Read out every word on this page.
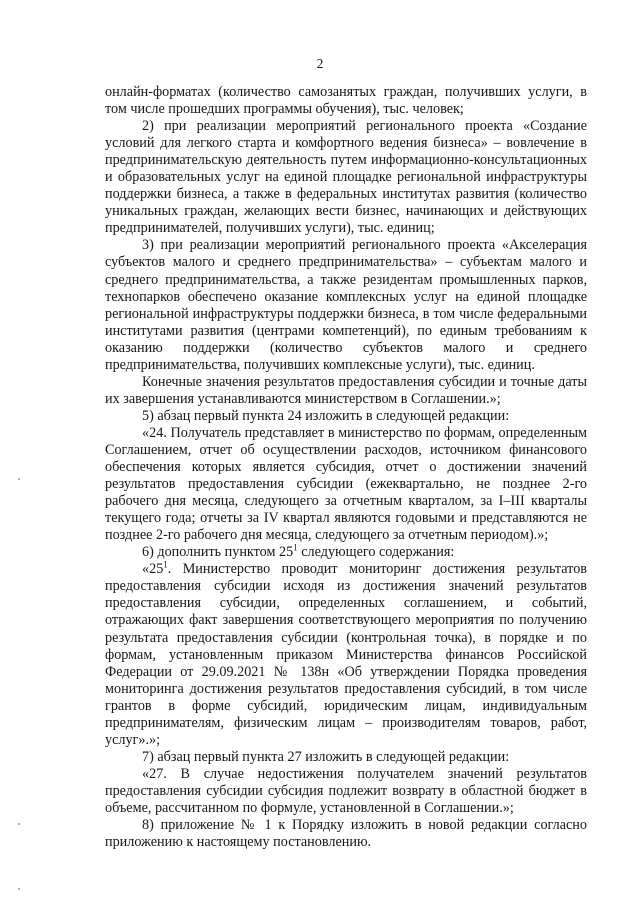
2

онлайн-форматах (количество самозанятых граждан, получивших услуги, в том числе прошедших программы обучения), тыс. человек;

2) при реализации мероприятий регионального проекта «Создание условий для легкого старта и комфортного ведения бизнеса» – вовлечение в предпринимательскую деятельность путем информационно-консультационных и образовательных услуг на единой площадке региональной инфраструктуры поддержки бизнеса, а также в федеральных институтах развития (количество уникальных граждан, желающих вести бизнес, начинающих и действующих предпринимателей, получивших услуги), тыс. единиц;

3) при реализации мероприятий регионального проекта «Акселерация субъектов малого и среднего предпринимательства» – субъектам малого и среднего предпринимательства, а также резидентам промышленных парков, технопарков обеспечено оказание комплексных услуг на единой площадке региональной инфраструктуры поддержки бизнеса, в том числе федеральными институтами развития (центрами компетенций), по единым требованиям к оказанию поддержки (количество субъектов малого и среднего предпринимательства, получивших комплексные услуги), тыс. единиц.

Конечные значения результатов предоставления субсидии и точные даты их завершения устанавливаются министерством в Соглашении.»;

5) абзац первый пункта 24 изложить в следующей редакции:

«24. Получатель представляет в министерство по формам, определенным Соглашением, отчет об осуществлении расходов, источником финансового обеспечения которых является субсидия, отчет о достижении значений результатов предоставления субсидии (ежеквартально, не позднее 2-го рабочего дня месяца, следующего за отчетным кварталом, за I–III кварталы текущего года; отчеты за IV квартал являются годовыми и представляются не позднее 2-го рабочего дня месяца, следующего за отчетным периодом).»;

6) дополнить пунктом $25^1$ следующего содержания:

«$25^1$. Министерство проводит мониторинг достижения результатов предоставления субсидии исходя из достижения значений результатов предоставления субсидии, определенных соглашением, и событий, отражающих факт завершения соответствующего мероприятия по получению результата предоставления субсидии (контрольная точка), в порядке и по формам, установленным приказом Министерства финансов Российской Федерации от 29.09.2021 № 138н «Об утверждении Порядка проведения мониторинга достижения результатов предоставления субсидий, в том числе грантов в форме субсидий, юридическим лицам, индивидуальным предпринимателям, физическим лицам – производителям товаров, работ, услуг».»;

7) абзац первый пункта 27 изложить в следующей редакции:

«27. В случае недостижения получателем значений результатов предоставления субсидии субсидия подлежит возврату в областной бюджет в объеме, рассчитанном по формуле, установленной в Соглашении.»;

8) приложение № 1 к Порядку изложить в новой редакции согласно приложению к настоящему постановлению.
